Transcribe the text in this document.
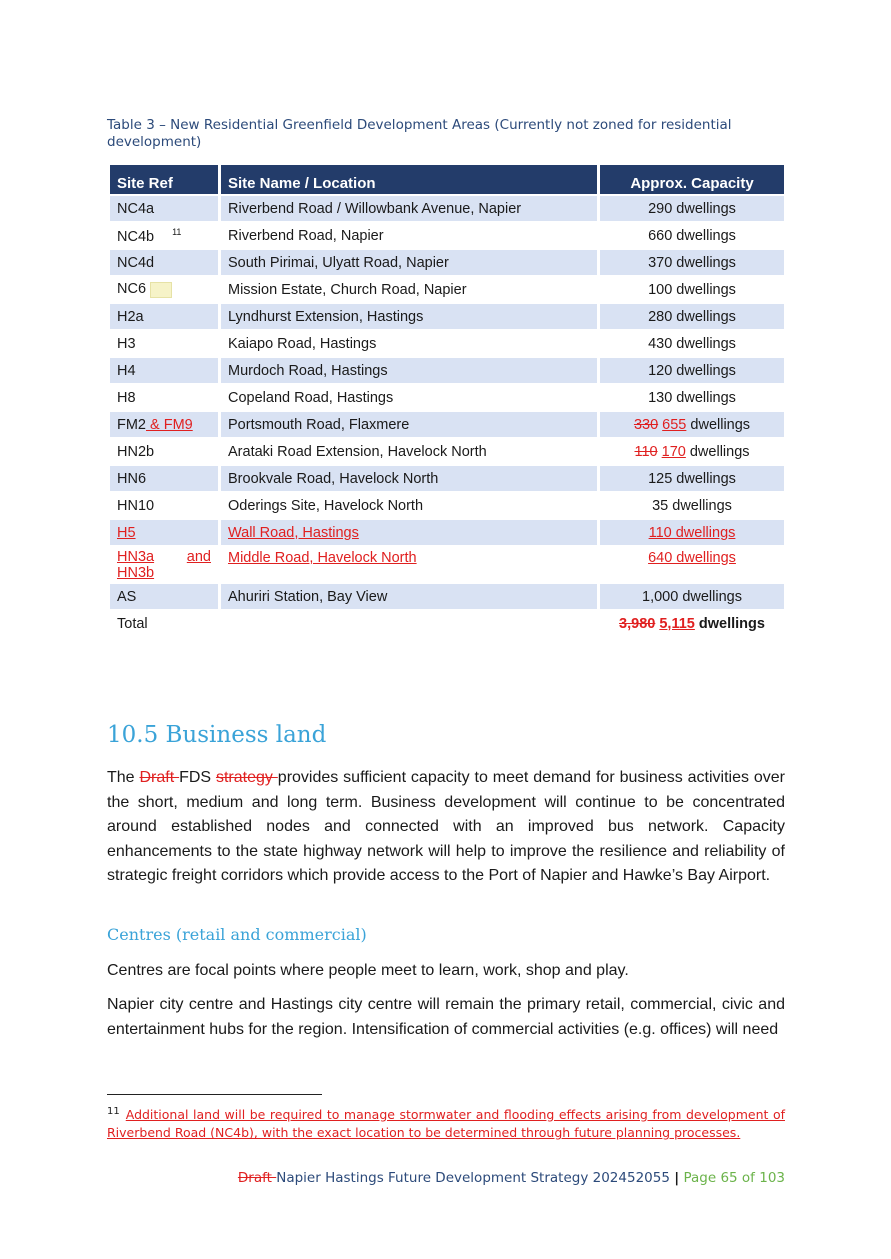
Table 3 – New Residential Greenfield Development Areas (Currently not zoned for residential development)
Site Ref	Site Name / Location	Approx. Capacity
NC4a	Riverbend Road / Willowbank Avenue, Napier	290 dwellings
NC4b $^{11}$	Riverbend Road, Napier	660 dwellings
NC4d	South Pirimai, Ulyatt Road, Napier	370 dwellings
NC6	Mission Estate, Church Road, Napier	100 dwellings
H2a	Lyndhurst Extension, Hastings	280 dwellings
H3	Kaiapo Road, Hastings	430 dwellings
H4	Murdoch Road, Hastings	120 dwellings
H8	Copeland Road, Hastings	130 dwellings
FM2 & FM9	Portsmouth Road, Flaxmere	330 655 dwellings
HN2b	Arataki Road Extension, Havelock North	110 170 dwellings
HN6	Brookvale Road, Havelock North	125 dwellings
HN10	Oderings Site, Havelock North	35 dwellings
H5	Wall Road, Hastings	110 dwellings

HN3a and
HN3b	Middle Road, Havelock North	640 dwellings
AS	Ahuriri Station, Bay View	1,000 dwellings
Total		3,980 5,115 dwellings
10.5 Business land

The Draft FDS strategy provides sufficient capacity to meet demand for business activities over the short, medium and long term. Business development will continue to be concentrated around established nodes and connected with an improved bus network. Capacity enhancements to the state highway network will help to improve the resilience and reliability of strategic freight corridors which provide access to the Port of Napier and Hawke’s Bay Airport.

Centres (retail and commercial)

Centres are focal points where people meet to learn, work, shop and play.

Napier city centre and Hastings city centre will remain the primary retail, commercial, civic and entertainment hubs for the region. Intensification of commercial activities (e.g. offices) will need

$^{11}$ Additional land will be required to manage stormwater and flooding effects arising from development of Riverbend Road (NC4b), with the exact location to be determined through future planning processes.

Draft Napier Hastings Future Development Strategy 202452055 | Page 65 of 103
